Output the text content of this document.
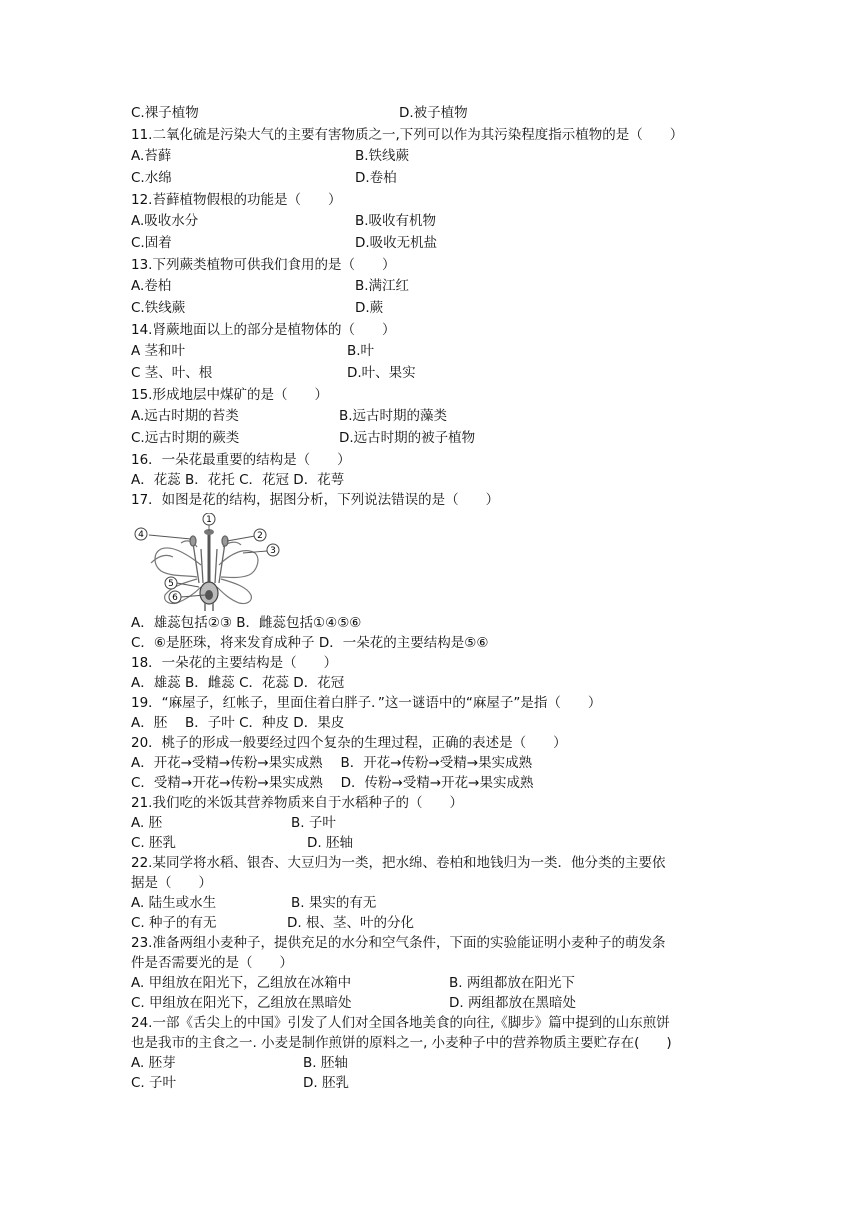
C.裸子植物	D.被子植物
11.二氧化硫是污染大气的主要有害物质之一,下列可以作为其污染程度指示植物的是（　　）
A.苔藓	B.铁线蕨
C.水绵	D.卷柏
12.苔藓植物假根的功能是（　　）
A.吸收水分	B.吸收有机物
C.固着	D.吸收无机盐
13.下列蕨类植物可供我们食用的是（　　）
A.卷柏	B.满江红
C.铁线蕨	D.蕨
14.肾蕨地面以上的部分是植物体的（　　）
A 茎和叶	B.叶
C 茎、叶、根	D.叶、果实
15.形成地层中煤矿的是（　　）
A.远古时期的苔类	B.远古时期的藻类
C.远古时期的蕨类	D.远古时期的被子植物
16．一朵花最重要的结构是（　　）
A．花蕊 B．花托 C．花冠 D．花萼
17．如图是花的结构，据图分析，下列说法错误的是（　　）
1
2
3
4
5
6
A．雄蕊包括②③ B．雌蕊包括①④⑤⑥
C．⑥是胚珠，将来发育成种子 D．一朵花的主要结构是⑤⑥
18．一朵花的主要结构是（　　）
A．雄蕊 B．雌蕊 C．花蕊 D．花冠
19．“麻屋子，红帐子，里面住着白胖子．”这一谜语中的“麻屋子”是指（　　）
A．胚　 B．子叶 C．种皮 D．果皮
20．桃子的形成一般要经过四个复杂的生理过程，正确的表述是（　　）
A．开花→受精→传粉→果实成熟　 B．开花→传粉→受精→果实成熟
C．受精→开花→传粉→果实成熟　 D．传粉→受精→开花→果实成熟
21.我们吃的米饭其营养物质来自于水稻种子的（　　）
A. 胚	B. 子叶
C. 胚乳	D. 胚轴
22.某同学将水稻、银杏、大豆归为一类，把水绵、卷柏和地钱归为一类．他分类的主要依
据是（　　）
A. 陆生或水生	B. 果实的有无
C. 种子的有无	D. 根、茎、叶的分化
23.准备两组小麦种子，提供充足的水分和空气条件，下面的实验能证明小麦种子的萌发条
件是否需要光的是（　　）
A. 甲组放在阳光下，乙组放在冰箱中	B. 两组都放在阳光下
C. 甲组放在阳光下，乙组放在黑暗处	D. 两组都放在黑暗处
24.一部《舌尖上的中国》引发了人们对全国各地美食的向往,《脚步》篇中提到的山东煎饼
也是我市的主食之一. 小麦是制作煎饼的原料之一, 小麦种子中的营养物质主要贮存在(　　)
A. 胚芽	B. 胚轴
C. 子叶	D. 胚乳
